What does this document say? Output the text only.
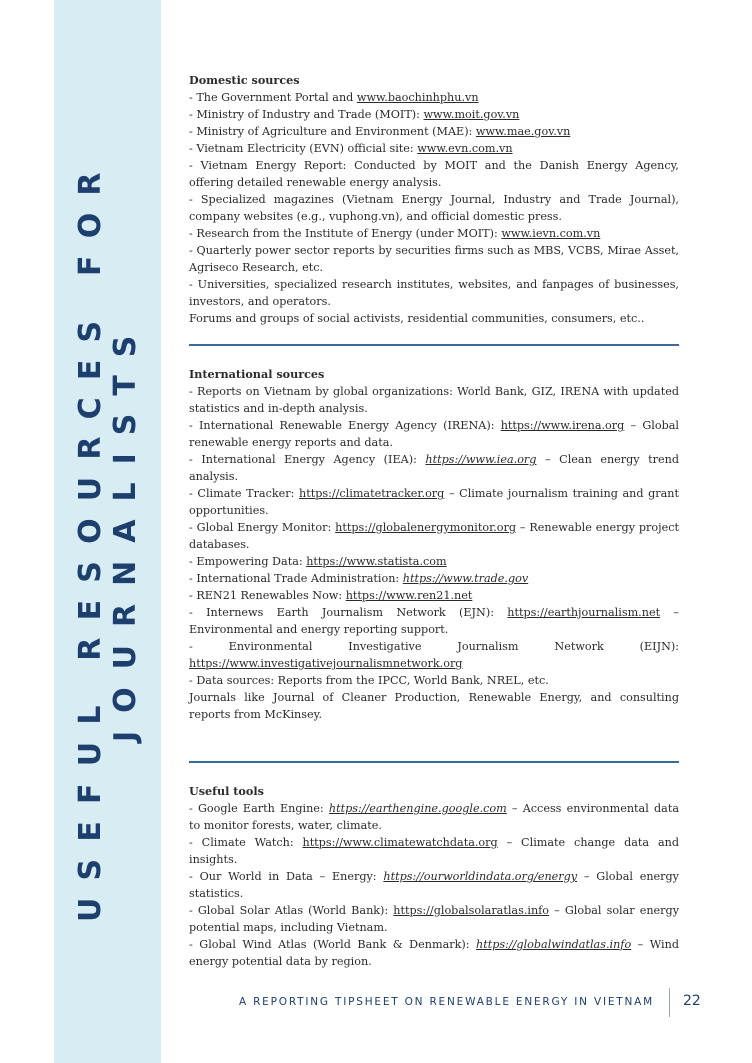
USEFUL RESOURCES FOR JOURNALISTS

Domestic sources

- The Government Portal and www.baochinhphu.vn

- Ministry of Industry and Trade (MOIT): www.moit.gov.vn

- Ministry of Agriculture and Environment (MAE): www.mae.gov.vn

- Vietnam Electricity (EVN) official site: www.evn.com.vn

- Vietnam Energy Report: Conducted by MOIT and the Danish Energy Agency, offering detailed renewable energy analysis.

- Specialized magazines (Vietnam Energy Journal, Industry and Trade Journal), company websites (e.g., vuphong.vn), and official domestic press.

- Research from the Institute of Energy (under MOIT): www.ievn.com.vn

- Quarterly power sector reports by securities firms such as MBS, VCBS, Mirae Asset, Agriseco Research, etc.

- Universities, specialized research institutes, websites, and fanpages of businesses, investors, and operators.

Forums and groups of social activists, residential communities, consumers, etc..

International sources

- Reports on Vietnam by global organizations: World Bank, GIZ, IRENA with updated statistics and in-depth analysis.

- International Renewable Energy Agency (IRENA): https://www.irena.org – Global renewable energy reports and data.

- International Energy Agency (IEA): https://www.iea.org – Clean energy trend analysis.

- Climate Tracker: https://climatetracker.org – Climate journalism training and grant opportunities.

- Global Energy Monitor: https://globalenergymonitor.org – Renewable energy project databases.

- Empowering Data: https://www.statista.com

- International Trade Administration: https://www.trade.gov

- REN21 Renewables Now: https://www.ren21.net

- Internews Earth Journalism Network (EJN): https://earthjournalism.net – Environmental and energy reporting support.

- Environmental Investigative Journalism Network (EIJN): https://www.investigativejournalismnetwork.org

- Data sources: Reports from the IPCC, World Bank, NREL, etc.

Journals like Journal of Cleaner Production, Renewable Energy, and consulting reports from McKinsey.

Useful tools

- Google Earth Engine: https://earthengine.google.com – Access environmental data to monitor forests, water, climate.

- Climate Watch: https://www.climatewatchdata.org – Climate change data and insights.

- Our World in Data – Energy: https://ourworldindata.org/energy – Global energy statistics.

- Global Solar Atlas (World Bank): https://globalsolaratlas.info – Global solar energy potential maps, including Vietnam.

- Global Wind Atlas (World Bank & Denmark): https://globalwindatlas.info – Wind energy potential data by region.

A REPORTING TIPSHEET ON RENEWABLE ENERGY IN VIETNAM 22
